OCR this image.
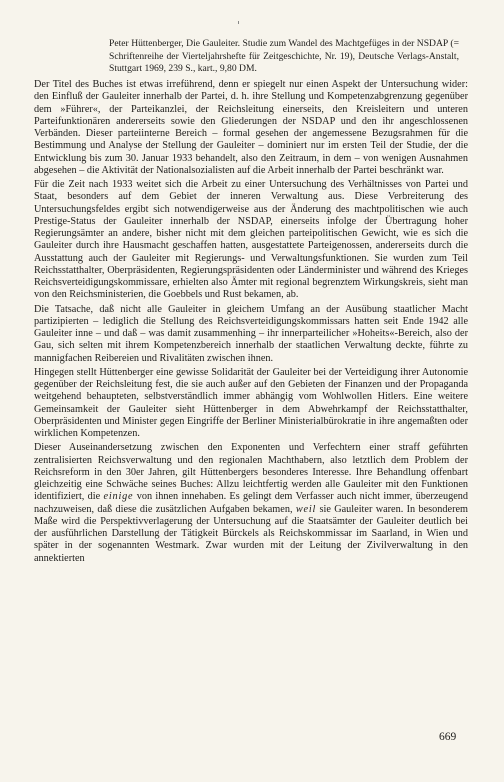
Peter Hüttenberger, Die Gauleiter. Studie zum Wandel des Machtgefüges in der NSDAP (= Schriftenreihe der Vierteljahrshefte für Zeitgeschichte, Nr. 19), Deutsche Verlags-Anstalt, Stuttgart 1969, 239 S., kart., 9,80 DM.

Der Titel des Buches ist etwas irreführend, denn er spiegelt nur einen Aspekt der Untersuchung wider: den Einfluß der Gauleiter innerhalb der Partei, d. h. ihre Stellung und Kompetenzabgrenzung gegenüber dem »Führer«, der Parteikanzlei, der Reichsleitung einerseits, den Kreisleitern und unteren Parteifunktionären andererseits sowie den Gliederungen der NSDAP und den ihr angeschlossenen Verbänden. Dieser parteiinterne Bereich – formal gesehen der angemessene Bezugsrahmen für die Bestimmung und Analyse der Stellung der Gauleiter – dominiert nur im ersten Teil der Studie, der die Entwicklung bis zum 30. Januar 1933 behandelt, also den Zeitraum, in dem – von wenigen Ausnahmen abgesehen – die Aktivität der Nationalsozialisten auf die Arbeit innerhalb der Partei beschränkt war.

Für die Zeit nach 1933 weitet sich die Arbeit zu einer Untersuchung des Verhältnisses von Partei und Staat, besonders auf dem Gebiet der inneren Verwaltung aus. Diese Verbreiterung des Untersuchungsfeldes ergibt sich notwendigerweise aus der Änderung des machtpolitischen wie auch Prestige-Status der Gauleiter innerhalb der NSDAP, einerseits infolge der Übertragung hoher Regierungsämter an andere, bisher nicht mit dem gleichen parteipolitischen Gewicht, wie es sich die Gauleiter durch ihre Hausmacht geschaffen hatten, ausgestattete Parteigenossen, andererseits durch die Ausstattung auch der Gauleiter mit Regierungs- und Verwaltungsfunktionen. Sie wurden zum Teil Reichsstatthalter, Oberpräsidenten, Regierungspräsidenten oder Länderminister und während des Krieges Reichsverteidigungskommissare, erhielten also Ämter mit regional begrenztem Wirkungskreis, sieht man von den Reichsministerien, die Goebbels und Rust bekamen, ab.

Die Tatsache, daß nicht alle Gauleiter in gleichem Umfang an der Ausübung staatlicher Macht partizipierten – lediglich die Stellung des Reichsverteidigungskommissars hatten seit Ende 1942 alle Gauleiter inne – und daß – was damit zusammenhing – ihr innerparteilicher »Hoheits«-Bereich, also der Gau, sich selten mit ihrem Kompetenzbereich innerhalb der staatlichen Verwaltung deckte, führte zu mannigfachen Reibereien und Rivalitäten zwischen ihnen.

Hingegen stellt Hüttenberger eine gewisse Solidarität der Gauleiter bei der Verteidigung ihrer Autonomie gegenüber der Reichsleitung fest, die sie auch außer auf den Gebieten der Finanzen und der Propaganda weitgehend behaupteten, selbstverständlich immer abhängig vom Wohlwollen Hitlers. Eine weitere Gemeinsamkeit der Gauleiter sieht Hüttenberger in dem Abwehrkampf der Reichsstatthalter, Oberpräsidenten und Minister gegen Eingriffe der Berliner Ministerialbürokratie in ihre angemaßten oder wirklichen Kompetenzen.

Dieser Auseinandersetzung zwischen den Exponenten und Verfechtern einer straff geführten zentralisierten Reichsverwaltung und den regionalen Machthabern, also letztlich dem Problem der Reichsreform in den 30er Jahren, gilt Hüttenbergers besonderes Interesse. Ihre Behandlung offenbart gleichzeitig eine Schwäche seines Buches: Allzu leichtfertig werden alle Gauleiter mit den Funktionen identifiziert, die einige von ihnen innehaben. Es gelingt dem Verfasser auch nicht immer, überzeugend nachzuweisen, daß diese die zusätzlichen Aufgaben bekamen, weil sie Gauleiter waren. In besonderem Maße wird die Perspektivverlagerung der Untersuchung auf die Staatsämter der Gauleiter deutlich bei der ausführlichen Darstellung der Tätigkeit Bürckels als Reichskommissar im Saarland, in Wien und später in der sogenannten Westmark. Zwar wurden mit der Leitung der Zivilverwaltung in den annektierten

669
